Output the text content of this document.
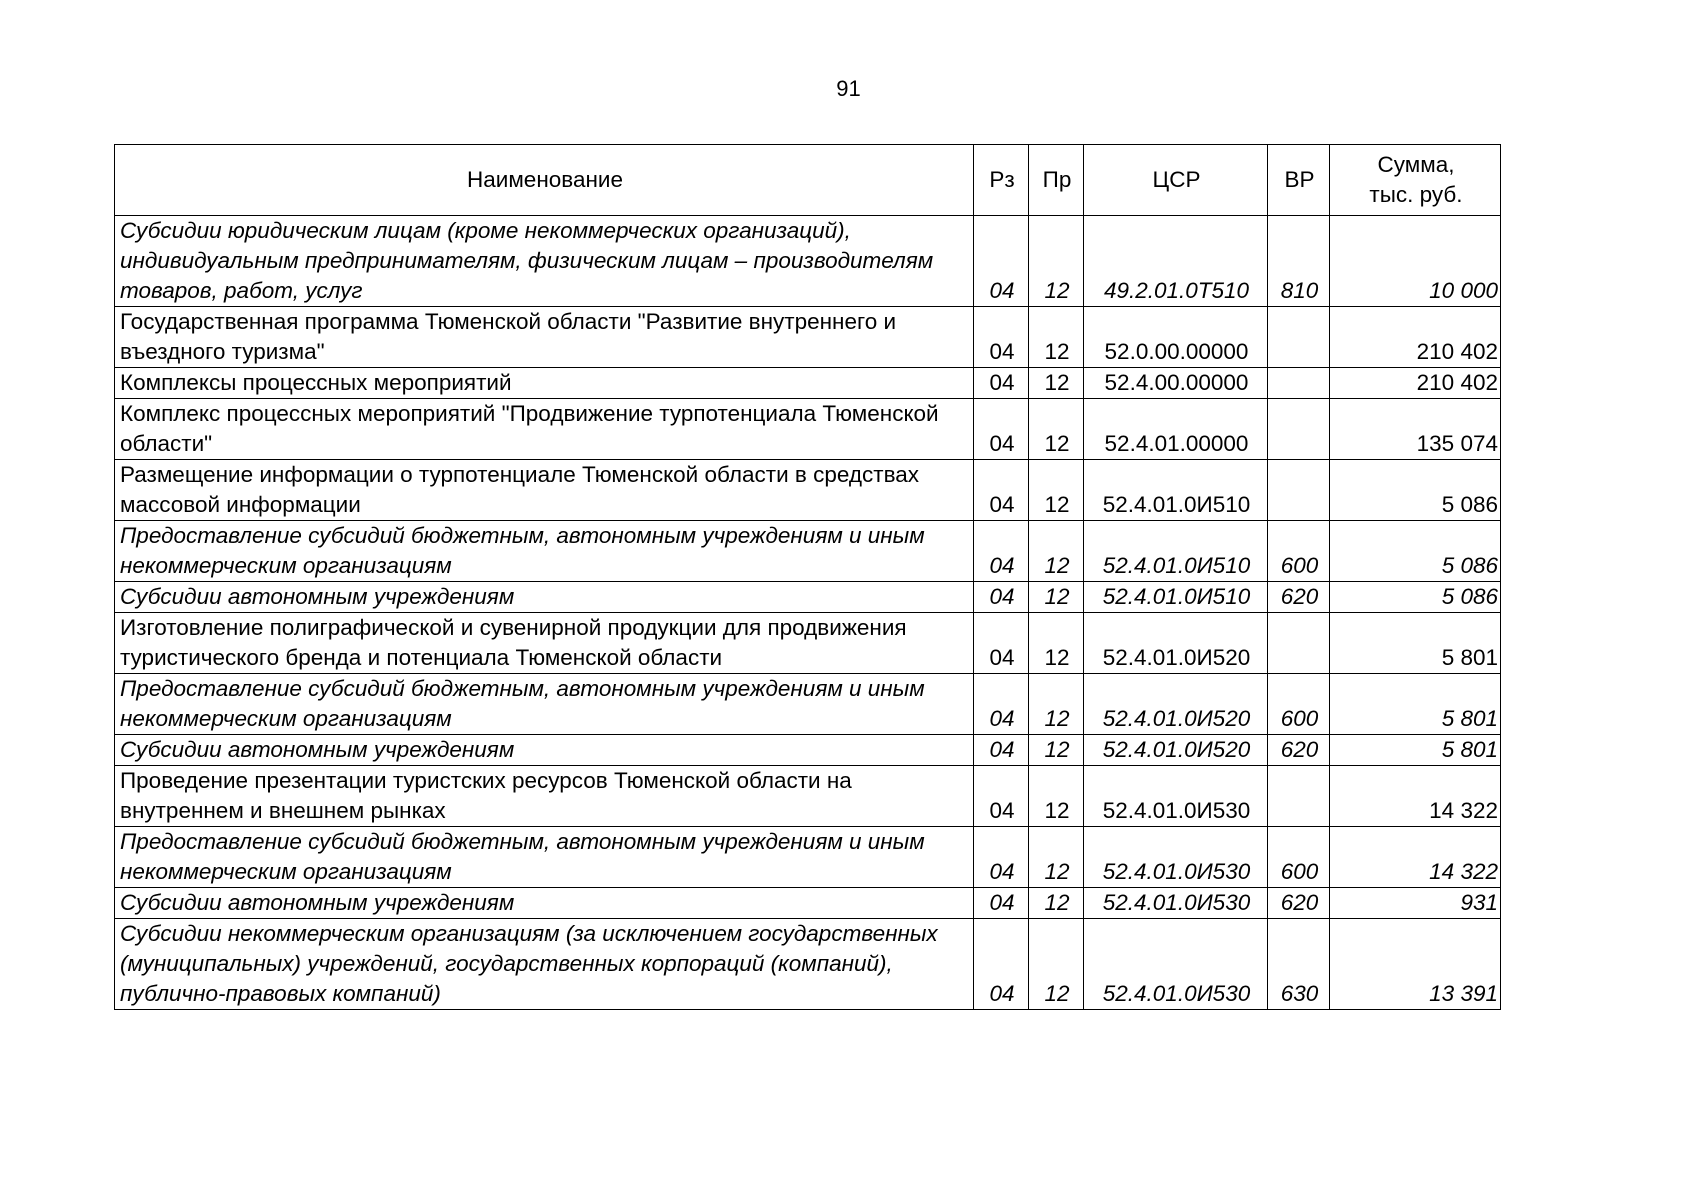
91
Наименование	Рз	Пр	ЦСР	ВР	Сумма,
тыс. руб.
Субсидии юридическим лицам (кроме некоммерческих организаций), индивидуальным предпринимателям, физическим лицам – производителям товаров, работ, услуг	04	12	49.2.01.0Т510	810	10 000
Государственная программа Тюменской области "Развитие внутреннего и въездного туризма"	04	12	52.0.00.00000		210 402
Комплексы процессных мероприятий	04	12	52.4.00.00000		210 402
Комплекс процессных мероприятий "Продвижение турпотенциала Тюменской области"	04	12	52.4.01.00000		135 074
Размещение информации о турпотенциале Тюменской области в средствах массовой информации	04	12	52.4.01.0И510		5 086
Предоставление субсидий бюджетным, автономным учреждениям и иным некоммерческим организациям	04	12	52.4.01.0И510	600	5 086
Субсидии автономным учреждениям	04	12	52.4.01.0И510	620	5 086
Изготовление полиграфической и сувенирной продукции для продвижения туристического бренда и потенциала Тюменской области	04	12	52.4.01.0И520		5 801
Предоставление субсидий бюджетным, автономным учреждениям и иным некоммерческим организациям	04	12	52.4.01.0И520	600	5 801
Субсидии автономным учреждениям	04	12	52.4.01.0И520	620	5 801
Проведение презентации туристских ресурсов Тюменской области на внутреннем и внешнем рынках	04	12	52.4.01.0И530		14 322
Предоставление субсидий бюджетным, автономным учреждениям и иным некоммерческим организациям	04	12	52.4.01.0И530	600	14 322
Субсидии автономным учреждениям	04	12	52.4.01.0И530	620	931
Субсидии некоммерческим организациям (за исключением государственных (муниципальных) учреждений, государственных корпораций (компаний), публично-правовых компаний)	04	12	52.4.01.0И530	630	13 391
